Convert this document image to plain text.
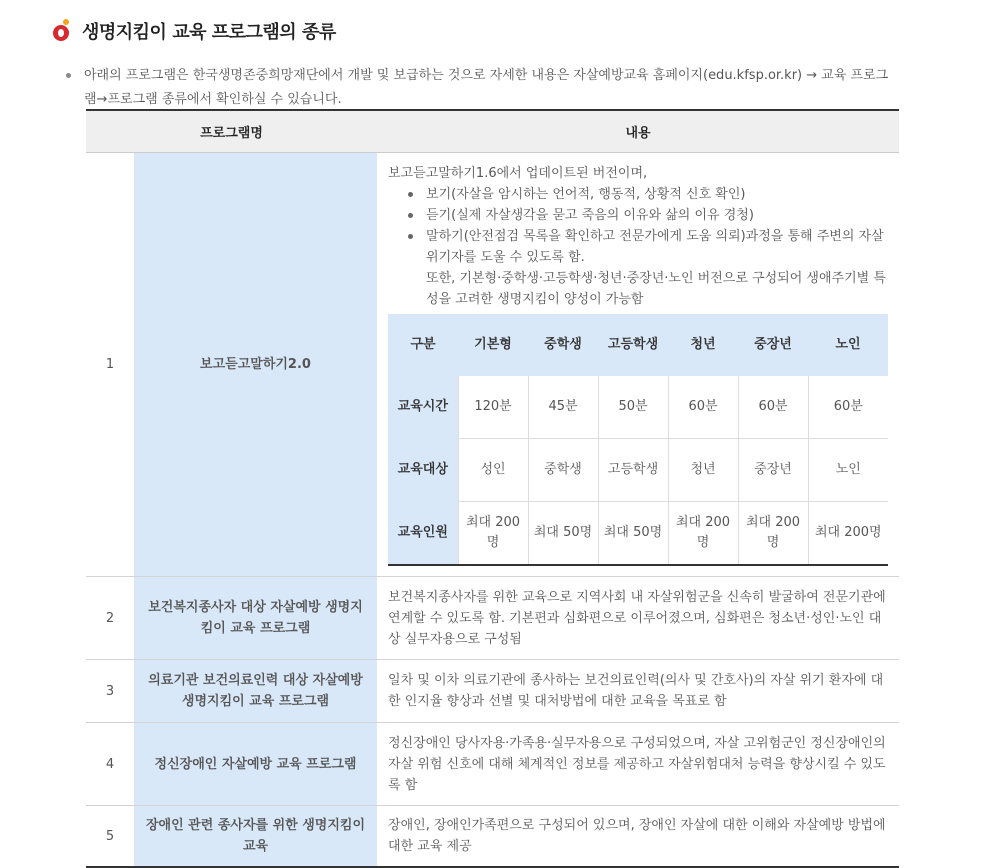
생명지킴이 교육 프로그램의 종류
아래의 프로그램은 한국생명존중희망재단에서 개발 및 보급하는 것으로 자세한 내용은 자살예방교육 홈페이지(edu.kfsp.or.kr) → 교육 프로그램→프로그램 종류에서 확인하실 수 있습니다.
프로그램명	내용
1	보고듣고말하기2.0	
보고듣고말하기1.6에서 업데이트된 버전이며,
보기(자살을 암시하는 언어적, 행동적, 상황적 신호 확인)
듣기(실제 자살생각을 묻고 죽음의 이유와 삶의 이유 경청)
말하기(안전점검 목록을 확인하고 전문가에게 도움 의뢰)과정을 통해 주변의 자살위기자를 도울 수 있도록 함.
또한, 기본형·중학생·고등학생·청년·중장년·노인 버전으로 구성되어 생애주기별 특성을 고려한 생명지킴이 양성이 가능함
구분	기본형	중학생	고등학생	청년	중장년	노인
교육시간	120분	45분	50분	60분	60분	60분
교육대상	성인	중학생	고등학생	청년	중장년	노인
교육인원	최대 200명	최대 50명	최대 50명	최대 200명	최대 200명	최대 200명

2	보건복지종사자 대상 자살예방 생명지킴이 교육 프로그램	보건복지종사자를 위한 교육으로 지역사회 내 자살위험군을 신속히 발굴하여 전문기관에 연계할 수 있도록 함. 기본편과 심화편으로 이루어졌으며, 심화편은 청소년·성인·노인 대상 실무자용으로 구성됨
3	의료기관 보건의료인력 대상 자살예방 생명지킴이 교육 프로그램	일차 및 이차 의료기관에 종사하는 보건의료인력(의사 및 간호사)의 자살 위기 환자에 대한 인지율 향상과 선별 및 대처방법에 대한 교육을 목표로 함
4	정신장애인 자살예방 교육 프로그램	정신장애인 당사자용·가족용·실무자용으로 구성되었으며, 자살 고위험군인 정신장애인의 자살 위험 신호에 대해 체계적인 정보를 제공하고 자살위험대처 능력을 향상시킬 수 있도록 함
5	장애인 관련 종사자를 위한 생명지킴이 교육	장애인, 장애인가족편으로 구성되어 있으며, 장애인 자살에 대한 이해와 자살예방 방법에 대한 교육 제공
